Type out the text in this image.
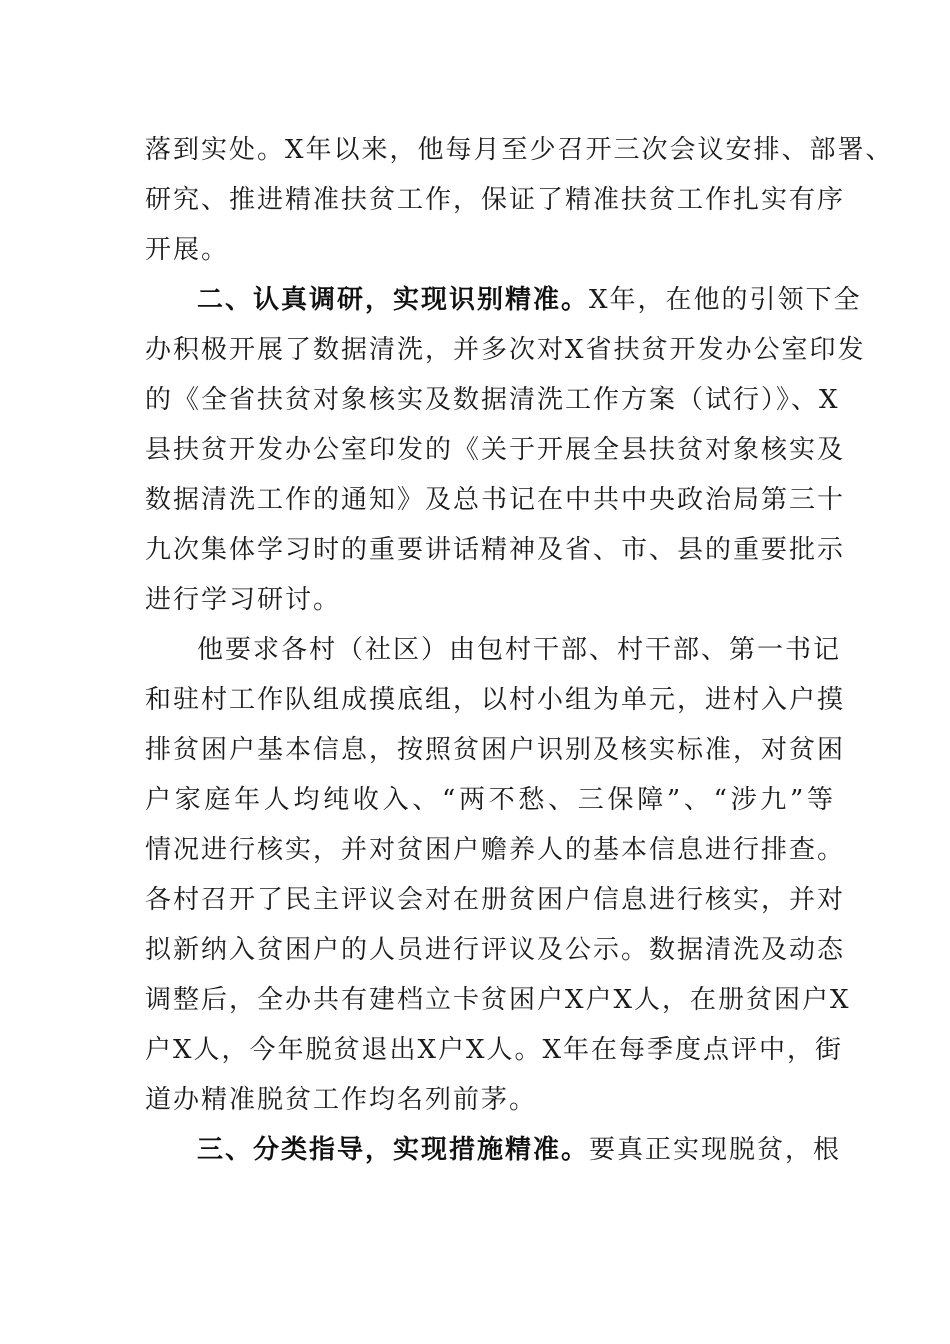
落到实处。X年以来，他每月至少召开三次会议安排、部署、
研究、推进精准扶贫工作，保证了精准扶贫工作扎实有序
开展。
二、认真调研，实现识别精准。X年，在他的引领下全
办积极开展了数据清洗，并多次对X省扶贫开发办公室印发
的《全省扶贫对象核实及数据清洗工作方案（试行）》、X
县扶贫开发办公室印发的《关于开展全县扶贫对象核实及
数据清洗工作的通知》及总书记在中共中央政治局第三十
九次集体学习时的重要讲话精神及省、市、县的重要批示
进行学习研讨。
他要求各村（社区）由包村干部、村干部、第一书记
和驻村工作队组成摸底组，以村小组为单元，进村入户摸
排贫困户基本信息，按照贫困户识别及核实标准，对贫困
户家庭年人均纯收入、“两不愁、三保障”、“涉九”等
情况进行核实，并对贫困户赡养人的基本信息进行排查。
各村召开了民主评议会对在册贫困户信息进行核实，并对
拟新纳入贫困户的人员进行评议及公示。数据清洗及动态
调整后，全办共有建档立卡贫困户X户X人，在册贫困户X
户X人，今年脱贫退出X户X人。X年在每季度点评中，街
道办精准脱贫工作均名列前茅。
三、分类指导，实现措施精准。要真正实现脱贫，根
